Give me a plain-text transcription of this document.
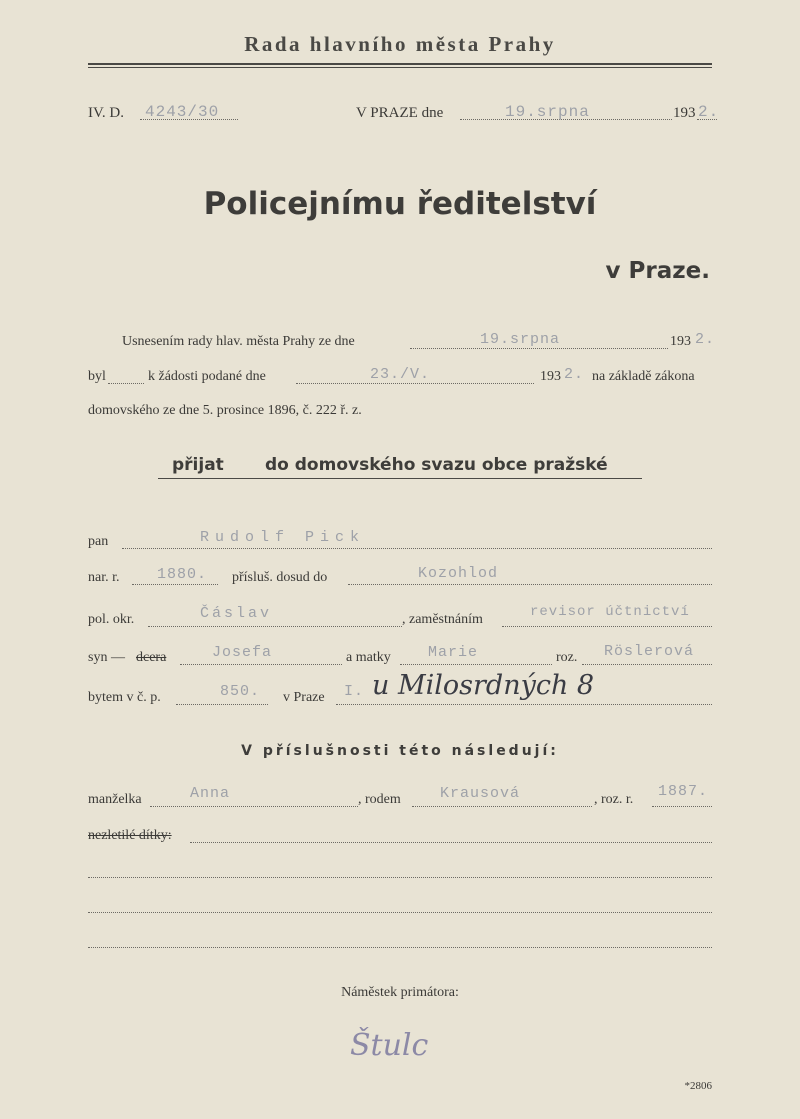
Rada hlavního města Prahy
IV. D. 4243/30	V PRAZE dne	19.srpna	193 2.
Policejnímu ředitelství
v Praze.
Usnesením rady hlav. města Prahy ze dne	19.srpna	193 2.
byl	k žádosti podané dne	23./V.	193 2. na základě zákona
domovského ze dne 5. prosince 1896, č. 222 ř. z.
přijat do domovského svazu obce pražské
pan	Rudolf Pick
nar. r.	1880. přísluš. dosud do	Kozohlod
pol. okr.	Čáslav	, zaměstnáním	revisor účtnictví
syn — dcera	Josefa	a matky Marie	roz. Röslerová
bytem v č. p.	850. v Praze I. u Milosrdných 8
V příslušnosti této následují:
manželka	Anna	, rodem	Krausová	, roz. r. 1887.
nezletilé dítky:
Náměstek primátora:
Štulc
*2806
